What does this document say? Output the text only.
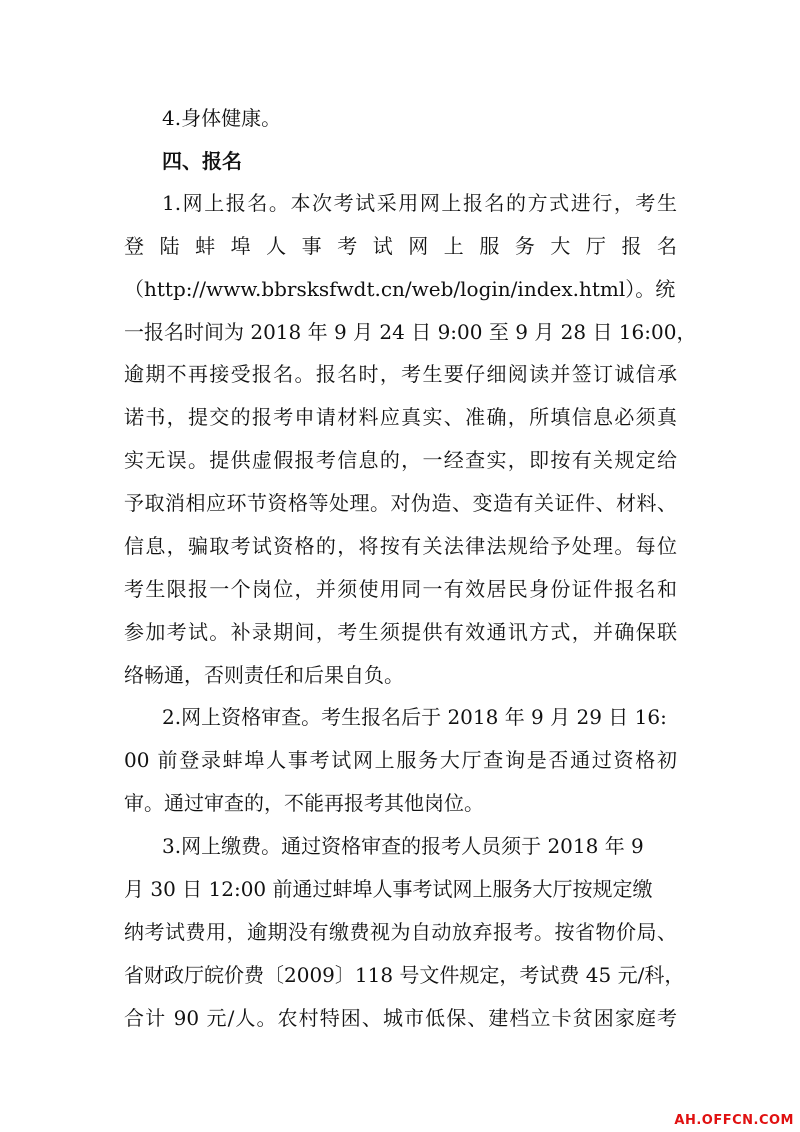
4.身体健康。
四、报名
1.网上报名。本次考试采用网上报名的方式进行，考生
登陆蚌埠人事考试网上服务大厅报名
（http://www.bbrsksfwdt.cn/web/login/index.html）。统
一报名时间为 2018 年 9 月 24 日 9:00 至 9 月 28 日 16:00，
逾期不再接受报名。报名时，考生要仔细阅读并签订诚信承
诺书，提交的报考申请材料应真实、准确，所填信息必须真
实无误。提供虚假报考信息的，一经查实，即按有关规定给
予取消相应环节资格等处理。对伪造、变造有关证件、材料、
信息，骗取考试资格的，将按有关法律法规给予处理。每位
考生限报一个岗位，并须使用同一有效居民身份证件报名和
参加考试。补录期间，考生须提供有效通讯方式，并确保联
络畅通，否则责任和后果自负。
2.网上资格审查。考生报名后于 2018 年 9 月 29 日 16:
00 前登录蚌埠人事考试网上服务大厅查询是否通过资格初
审。通过审查的，不能再报考其他岗位。
3.网上缴费。通过资格审查的报考人员须于 2018 年 9
月 30 日 12:00 前通过蚌埠人事考试网上服务大厅按规定缴
纳考试费用，逾期没有缴费视为自动放弃报考。按省物价局、
省财政厅皖价费〔2009〕118 号文件规定，考试费 45 元/科，
合计 90 元/人。农村特困、城市低保、建档立卡贫困家庭考
AH.OFFCN.COM
